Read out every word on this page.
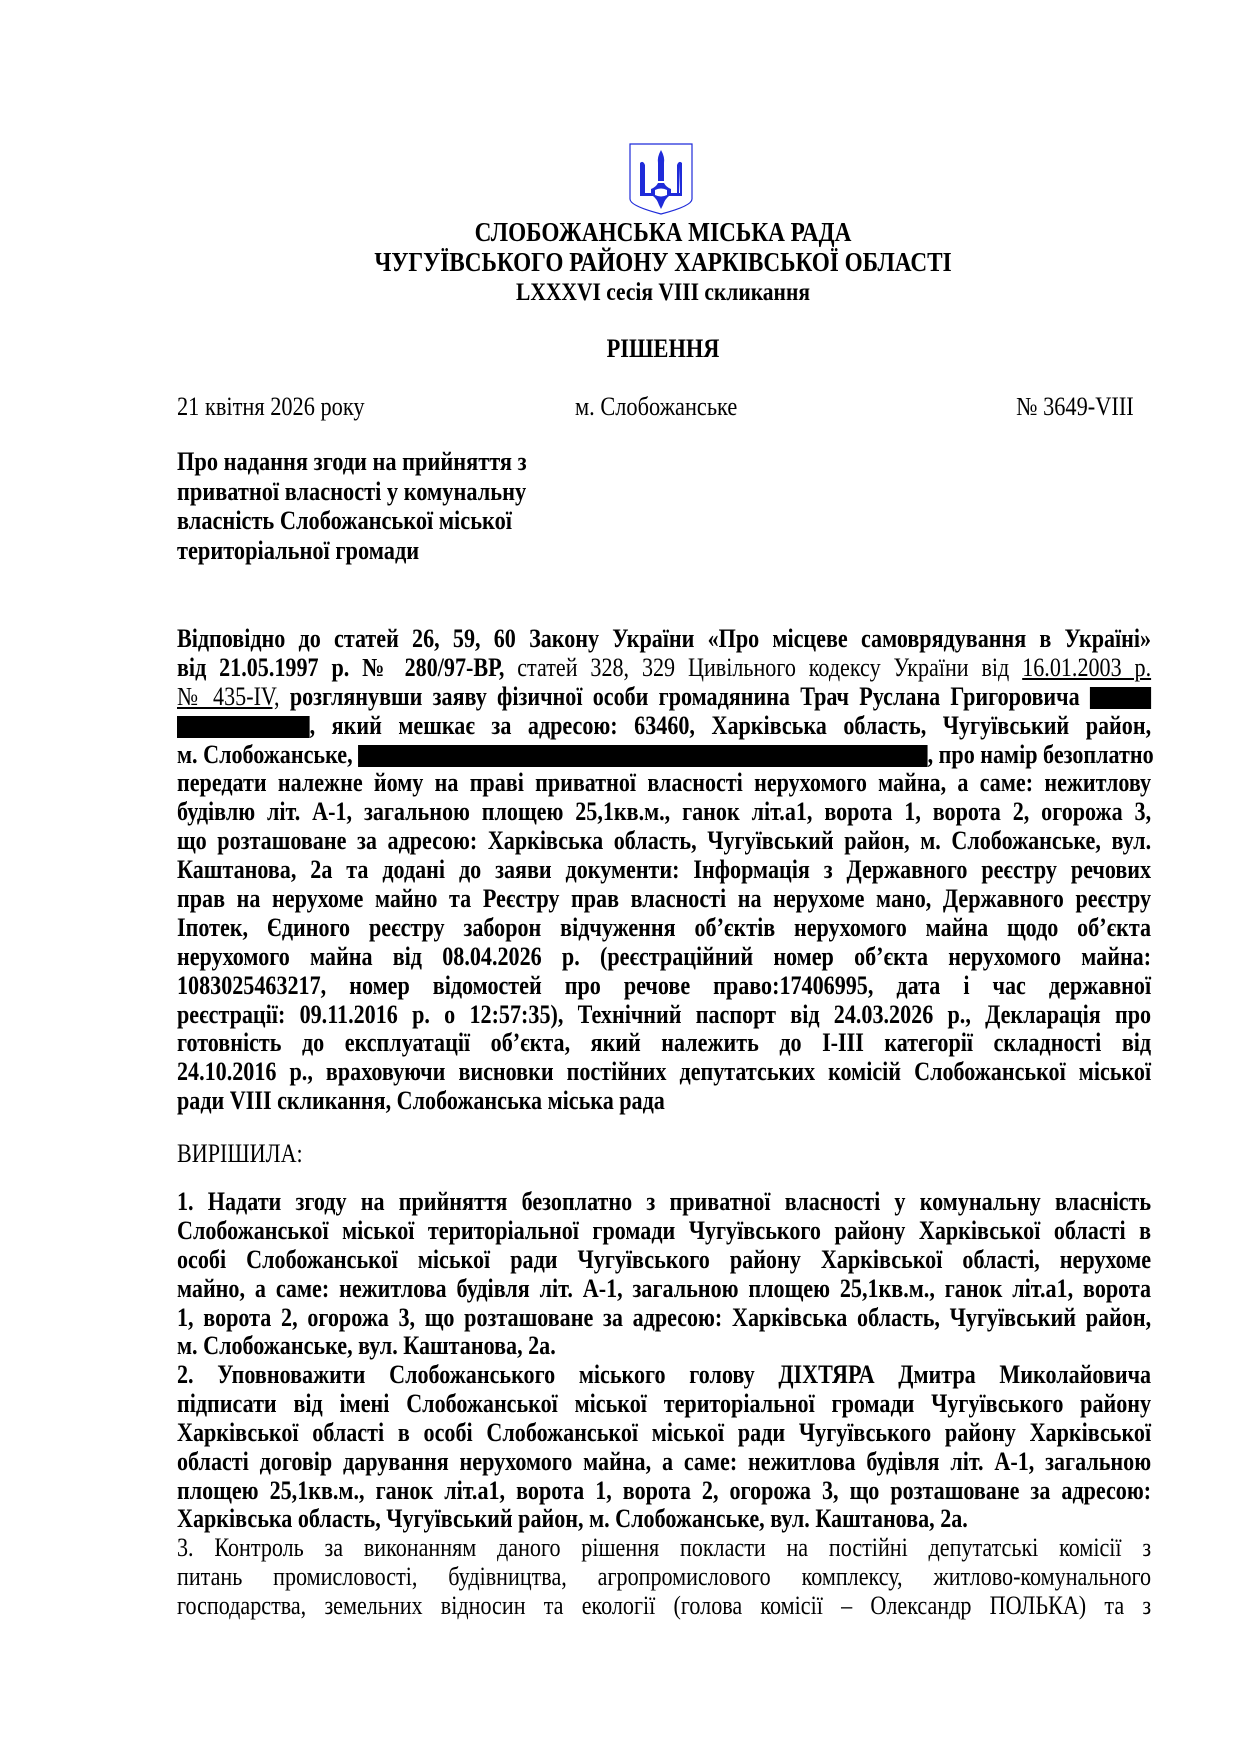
СЛОБОЖАНСЬКА МІСЬКА РАДА
ЧУГУЇВСЬКОГО РАЙОНУ ХАРКІВСЬКОЇ ОБЛАСТІ
LXXXVI сесія VIII скликання
РІШЕННЯ
21 квітня 2026 року	м. Слобожанське	№ 3649-VIII
Про надання згоди на прийняття з
приватної власності у комунальну
власність Слобожанської міської
територіальної громади
Відповідно до статей 26, 59, 60 Закону України «Про місцеве самоврядування в Україні»
від 21.05.1997 р. № 280/97-ВР, статей 328, 329 Цивільного кодексу України від 16.01.2003 р.
№ 435-IV, розглянувши заяву фізичної особи громадянина Трач Руслана Григоровича
, який мешкає за адресою: 63460, Харківська область, Чугуївський район,
м. Слобожанське,	, про намір безоплатно
передати належне йому на праві приватної власності нерухомого майна, а саме: нежитлову
будівлю літ. А-1, загальною площею 25,1кв.м., ганок літ.а1, ворота 1, ворота 2, огорожа 3,
що розташоване за адресою: Харківська область, Чугуївський район, м. Слобожанське, вул.
Каштанова, 2а та додані до заяви документи: Інформація з Державного реєстру речових
прав на нерухоме майно та Реєстру прав власності на нерухоме мано, Державного реєстру
Іпотек, Єдиного реєстру заборон відчуження об’єктів нерухомого майна щодо об’єкта
нерухомого майна від 08.04.2026 р. (реєстраційний номер об’єкта нерухомого майна:
1083025463217, номер відомостей про речове право:17406995, дата і час державної
реєстрації: 09.11.2016 р. о 12:57:35), Технічний паспорт від 24.03.2026 р., Декларація про
готовність до експлуатації об’єкта, який належить до І-ІІІ категорії складності від
24.10.2016 р., враховуючи висновки постійних депутатських комісій Слобожанської міської
ради VIII скликання, Слобожанська міська рада
ВИРІШИЛА:
1. Надати згоду на прийняття безоплатно з приватної власності у комунальну власність
Слобожанської міської територіальної громади Чугуївського району Харківської області в
особі Слобожанської міської ради Чугуївського району Харківської області, нерухоме
майно, а саме: нежитлова будівля літ. А-1, загальною площею 25,1кв.м., ганок літ.а1, ворота
1, ворота 2, огорожа 3, що розташоване за адресою: Харківська область, Чугуївський район,
м. Слобожанське, вул. Каштанова, 2а.
2. Уповноважити Слобожанського міського голову ДІХТЯРА Дмитра Миколайовича
підписати від імені Слобожанської міської територіальної громади Чугуївського району
Харківської області в особі Слобожанської міської ради Чугуївського району Харківської
області договір дарування нерухомого майна, а саме: нежитлова будівля літ. А-1, загальною
площею 25,1кв.м., ганок літ.а1, ворота 1, ворота 2, огорожа 3, що розташоване за адресою:
Харківська область, Чугуївський район, м. Слобожанське, вул. Каштанова, 2а.
3. Контроль за виконанням даного рішення покласти на постійні депутатські комісії з
питань промисловості, будівництва, агропромислового комплексу, житлово-комунального
господарства, земельних відносин та екології (голова комісії – Олександр ПОЛЬКА) та з
